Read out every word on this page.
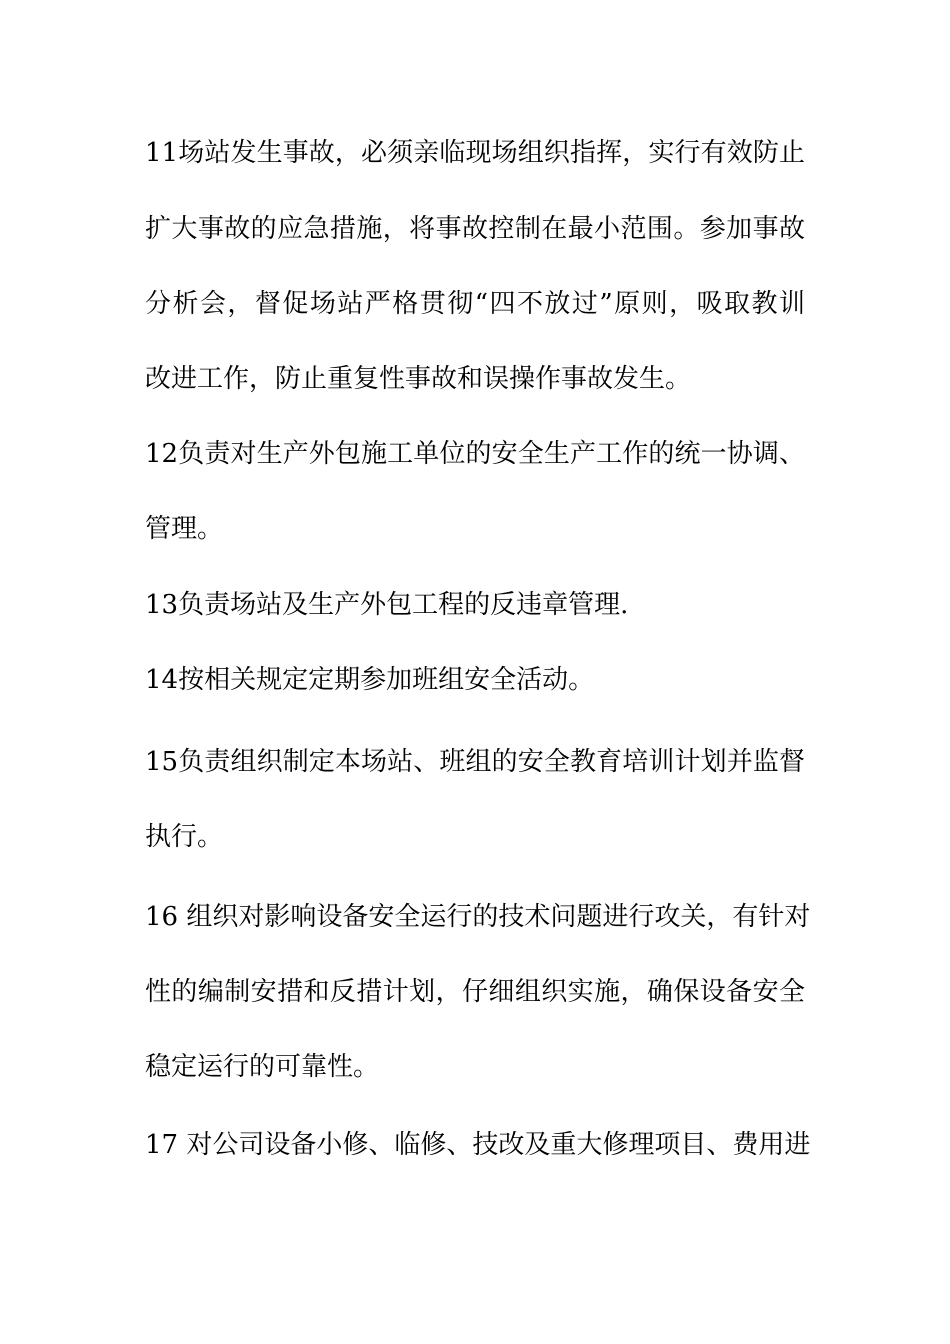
11场站发生事故，必须亲临现场组织指挥，实行有效防止
扩大事故的应急措施，将事故控制在最小范围。参加事故
分析会，督促场站严格贯彻“四不放过”原则，吸取教训
改进工作，防止重复性事故和误操作事故发生。
12负责对生产外包施工单位的安全生产工作的统一协调、
管理。
13负责场站及生产外包工程的反违章管理.
14按相关规定定期参加班组安全活动。
15负责组织制定本场站、班组的安全教育培训计划并监督
执行。
16 组织对影响设备安全运行的技术问题进行攻关，有针对
性的编制安措和反措计划，仔细组织实施，确保设备安全
稳定运行的可靠性。
17 对公司设备小修、临修、技改及重大修理项目、费用进
